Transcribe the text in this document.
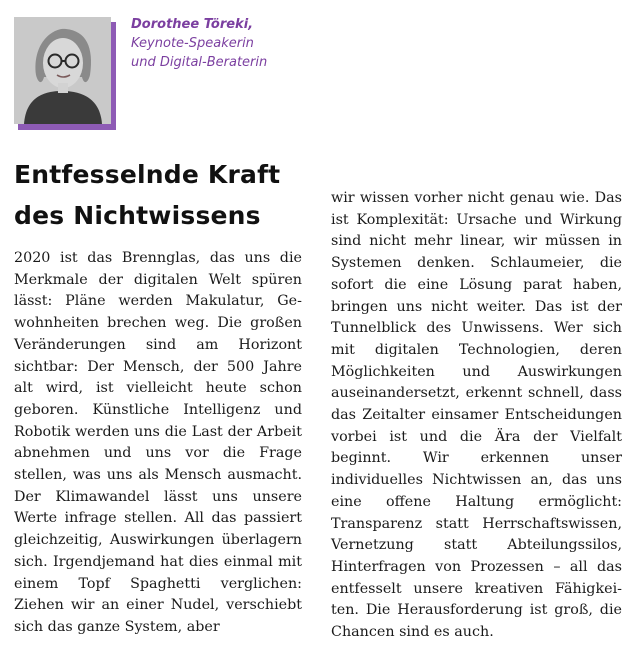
Dorothee Töreki,
Keynote-Speakerin
und Digital-Beraterin
Entfesselnde Kraft
des Nichtwissens

2020 ist das Brennglas, das uns die Merkmale der digitalen Welt spüren lässt: Pläne werden Makulatur, Gewohnheiten brechen weg. Die großen Veränderungen sind am Horizont sichtbar: Der Mensch, der 500 Jahre alt wird, ist vielleicht heute schon geboren. Künstliche Intelligenz und Robotik werden uns die Last der Arbeit abnehmen und uns vor die Frage stellen, was uns als Mensch ausmacht. Der Klimawandel lässt uns unsere Werte infrage stellen. All das passiert gleichzeitig, Auswirkungen überlagern sich. Irgendjemand hat dies einmal mit einem Topf Spaghetti verglichen: Ziehen wir an einer Nudel, verschiebt sich das ganze System, aber

wir wissen vorher nicht genau wie. Das ist Komplexität: Ursache und Wirkung sind nicht mehr linear, wir müssen in Systemen denken. Schlaumeier, die sofort die eine Lösung parat haben, bringen uns nicht weiter. Das ist der Tunnelblick des Unwissens. Wer sich mit digitalen Technologien, deren Möglichkeiten und Auswirkungen auseinandersetzt, erkennt schnell, dass das Zeitalter einsamer Entscheidungen vorbei ist und die Ära der Vielfalt beginnt. Wir erkennen unser individuelles Nichtwissen an, das uns eine offene Haltung ermöglicht: Transparenz statt Herrschaftswissen, Vernetzung statt Abteilungssilos, Hinterfragen von Prozessen – all das entfesselt unsere kreativen Fähigkeiten. Die Herausforderung ist groß, die Chancen sind es auch.
